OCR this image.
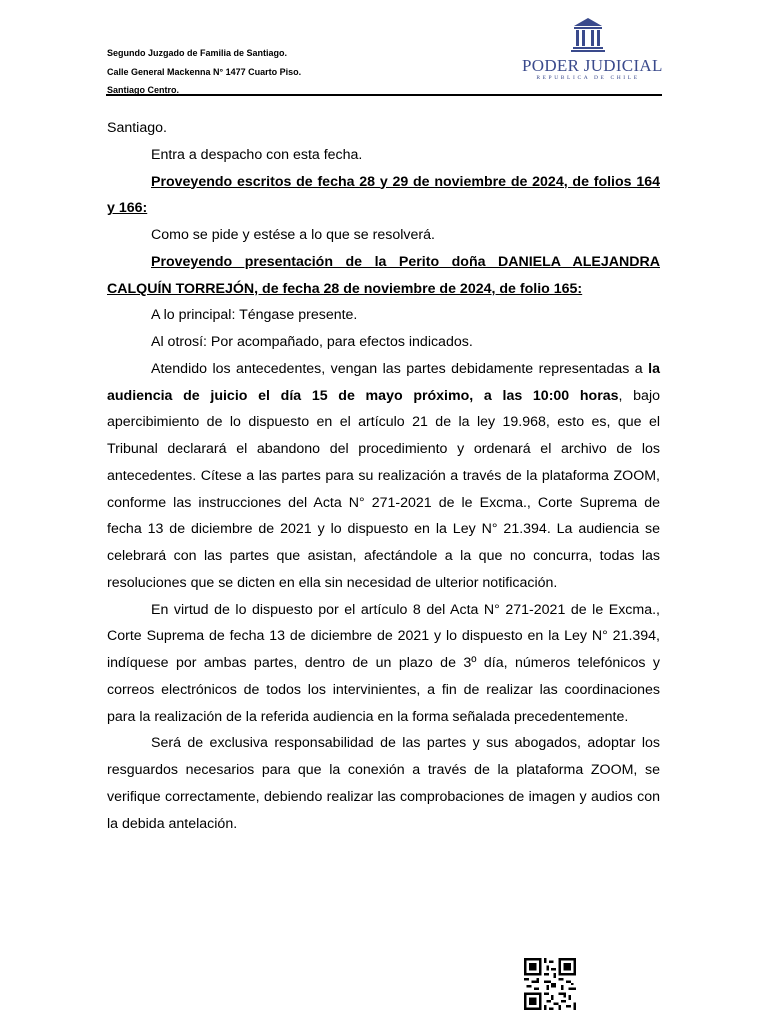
Segundo Juzgado de Familia de Santiago.
Calle General Mackenna N° 1477 Cuarto Piso.
Santiago Centro.
PODER JUDICIAL
REPUBLICA DE CHILE

Santiago.

Entra a despacho con esta fecha.

Proveyendo escritos de fecha 28 y 29 de noviembre de 2024, de folios 164 y 166:

Como se pide y estése a lo que se resolverá.

Proveyendo presentación de la Perito doña DANIELA ALEJANDRA CALQUÍN TORREJÓN, de fecha 28 de noviembre de 2024, de folio 165:

A lo principal: Téngase presente.

Al otrosí: Por acompañado, para efectos indicados.

Atendido los antecedentes, vengan las partes debidamente representadas a la audiencia de juicio el día 15 de mayo próximo, a las 10:00 horas, bajo apercibimiento de lo dispuesto en el artículo 21 de la ley 19.968, esto es, que el Tribunal declarará el abandono del procedimiento y ordenará el archivo de los antecedentes. Cítese a las partes para su realización a través de la plataforma ZOOM, conforme las instrucciones del Acta N° 271-2021 de le Excma., Corte Suprema de fecha 13 de diciembre de 2021 y lo dispuesto en la Ley N° 21.394. La audiencia se celebrará con las partes que asistan, afectándole a la que no concurra, todas las resoluciones que se dicten en ella sin necesidad de ulterior notificación.

En virtud de lo dispuesto por el artículo 8 del Acta N° 271-2021 de le Excma., Corte Suprema de fecha 13 de diciembre de 2021 y lo dispuesto en la Ley N° 21.394, indíquese por ambas partes, dentro de un plazo de 3º día, números telefónicos y correos electrónicos de todos los intervinientes, a fin de realizar las coordinaciones para la realización de la referida audiencia en la forma señalada precedentemente.

Será de exclusiva responsabilidad de las partes y sus abogados, adoptar los resguardos necesarios para que la conexión a través de la plataforma ZOOM, se verifique correctamente, debiendo realizar las comprobaciones de imagen y audios con la debida antelación.
